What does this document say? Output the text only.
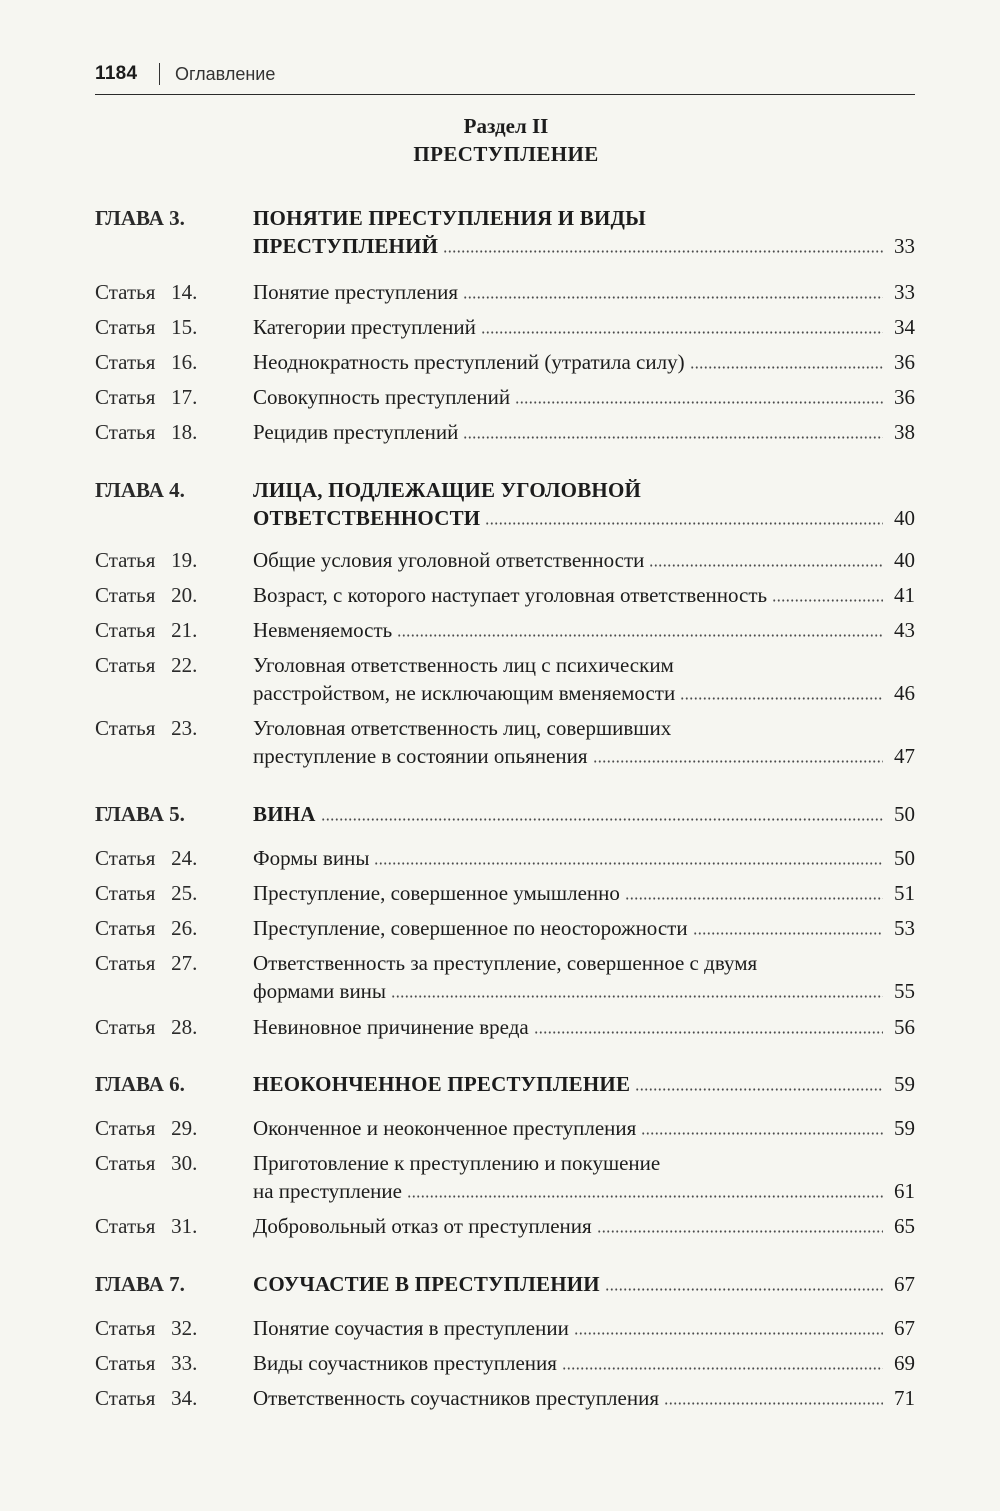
1184 Оглавление
Раздел II
ПРЕСТУПЛЕНИЕ
ГЛАВА 3.	ПОНЯТИЕ ПРЕСТУПЛЕНИЯ И ВИДЫ
ПРЕСТУПЛЕНИЙ	33
Статья 14.	Понятие преступления	33
Статья 15.	Категории преступлений	34
Статья 16.	Неоднократность преступлений (утратила силу)	36
Статья 17.	Совокупность преступлений	36
Статья 18.	Рецидив преступлений	38
ГЛАВА 4.	ЛИЦА, ПОДЛЕЖАЩИЕ УГОЛОВНОЙ
ОТВЕТСТВЕННОСТИ	40
Статья 19.	Общие условия уголовной ответственности	40
Статья 20.	Возраст, с которого наступает уголовная ответственность	41
Статья 21.	Невменяемость	43
Статья 22.	Уголовная ответственность лиц с психическим
расстройством, не исключающим вменяемости	46
Статья 23.	Уголовная ответственность лиц, совершивших
преступление в состоянии опьянения	47
ГЛАВА 5.	ВИНА	50
Статья 24.	Формы вины	50
Статья 25.	Преступление, совершенное умышленно	51
Статья 26.	Преступление, совершенное по неосторожности	53
Статья 27.	Ответственность за преступление, совершенное с двумя
формами вины	55
Статья 28.	Невиновное причинение вреда	56
ГЛАВА 6.	НЕОКОНЧЕННОЕ ПРЕСТУПЛЕНИЕ	59
Статья 29.	Оконченное и неоконченное преступления	59
Статья 30.	Приготовление к преступлению и покушение
на преступление	61
Статья 31.	Добровольный отказ от преступления	65
ГЛАВА 7.	СОУЧАСТИЕ В ПРЕСТУПЛЕНИИ	67
Статья 32.	Понятие соучастия в преступлении	67
Статья 33.	Виды соучастников преступления	69
Статья 34.	Ответственность соучастников преступления	71
